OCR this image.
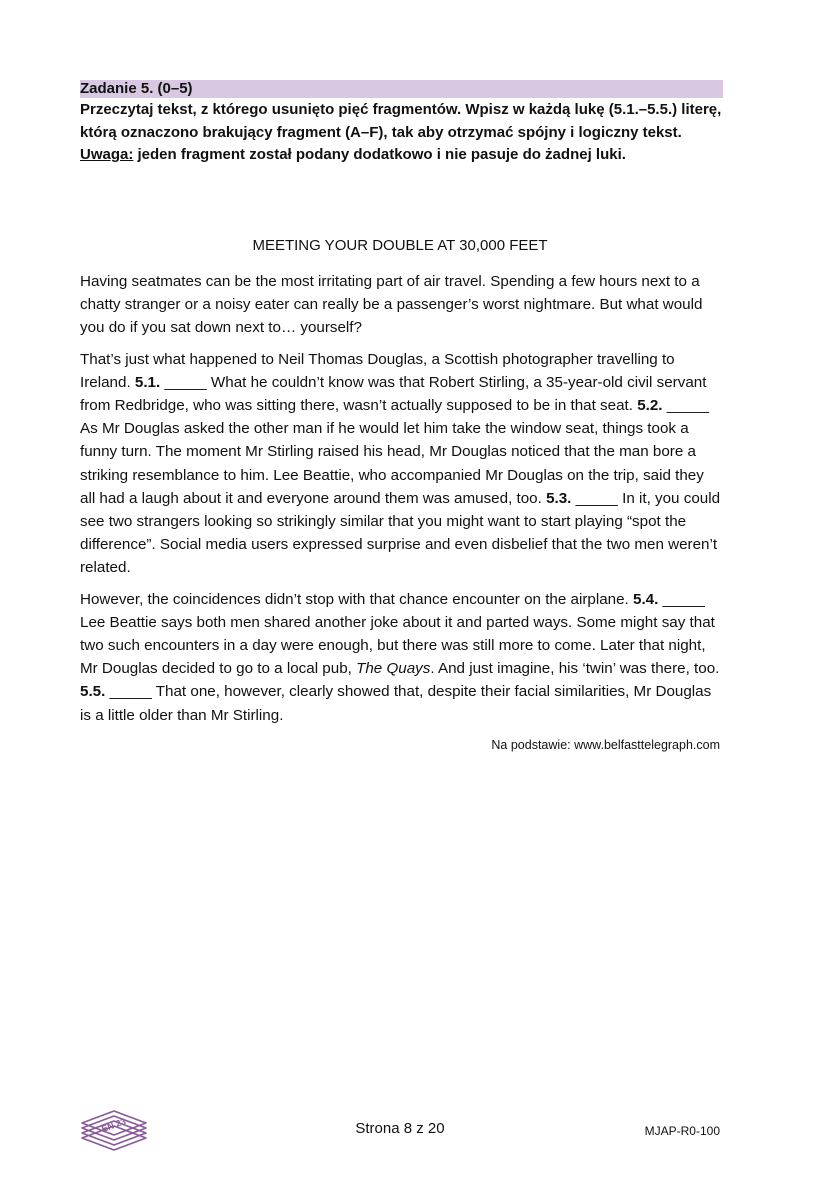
Zadanie 5. (0–5)
Przeczytaj tekst, z którego usunięto pięć fragmentów. Wpisz w każdą lukę (5.1.–5.5.) literę, którą oznaczono brakujący fragment (A–F), tak aby otrzymać spójny i logiczny tekst.
Uwaga: jeden fragment został podany dodatkowo i nie pasuje do żadnej luki.
MEETING YOUR DOUBLE AT 30,000 FEET

Having seatmates can be the most irritating part of air travel. Spending a few hours next to a chatty stranger or a noisy eater can really be a passenger’s worst nightmare. But what would you do if you sat down next to… yourself?

That’s just what happened to Neil Thomas Douglas, a Scottish photographer travelling to Ireland. 5.1. _____ What he couldn’t know was that Robert Stirling, a 35-year-old civil servant from Redbridge, who was sitting there, wasn’t actually supposed to be in that seat. 5.2. _____ As Mr Douglas asked the other man if he would let him take the window seat, things took a funny turn. The moment Mr Stirling raised his head, Mr Douglas noticed that the man bore a striking resemblance to him. Lee Beattie, who accompanied Mr Douglas on the trip, said they all had a laugh about it and everyone around them was amused, too. 5.3. _____ In it, you could see two strangers looking so strikingly similar that you might want to start playing “spot the difference”. Social media users expressed surprise and even disbelief that the two men weren’t related.

However, the coincidences didn’t stop with that chance encounter on the airplane. 5.4. _____ Lee Beattie says both men shared another joke about it and parted ways. Some might say that two such encounters in a day were enough, but there was still more to come. Later that night, Mr Douglas decided to go to a local pub, The Quays. And just imagine, his ‘twin’ was there, too. 5.5. _____ That one, however, clearly showed that, despite their facial similarities, Mr Douglas is a little older than Mr Stirling.

Na podstawie: www.belfasttelegraph.com
EN 23	Strona 8 z 20	MJAP-R0-100
